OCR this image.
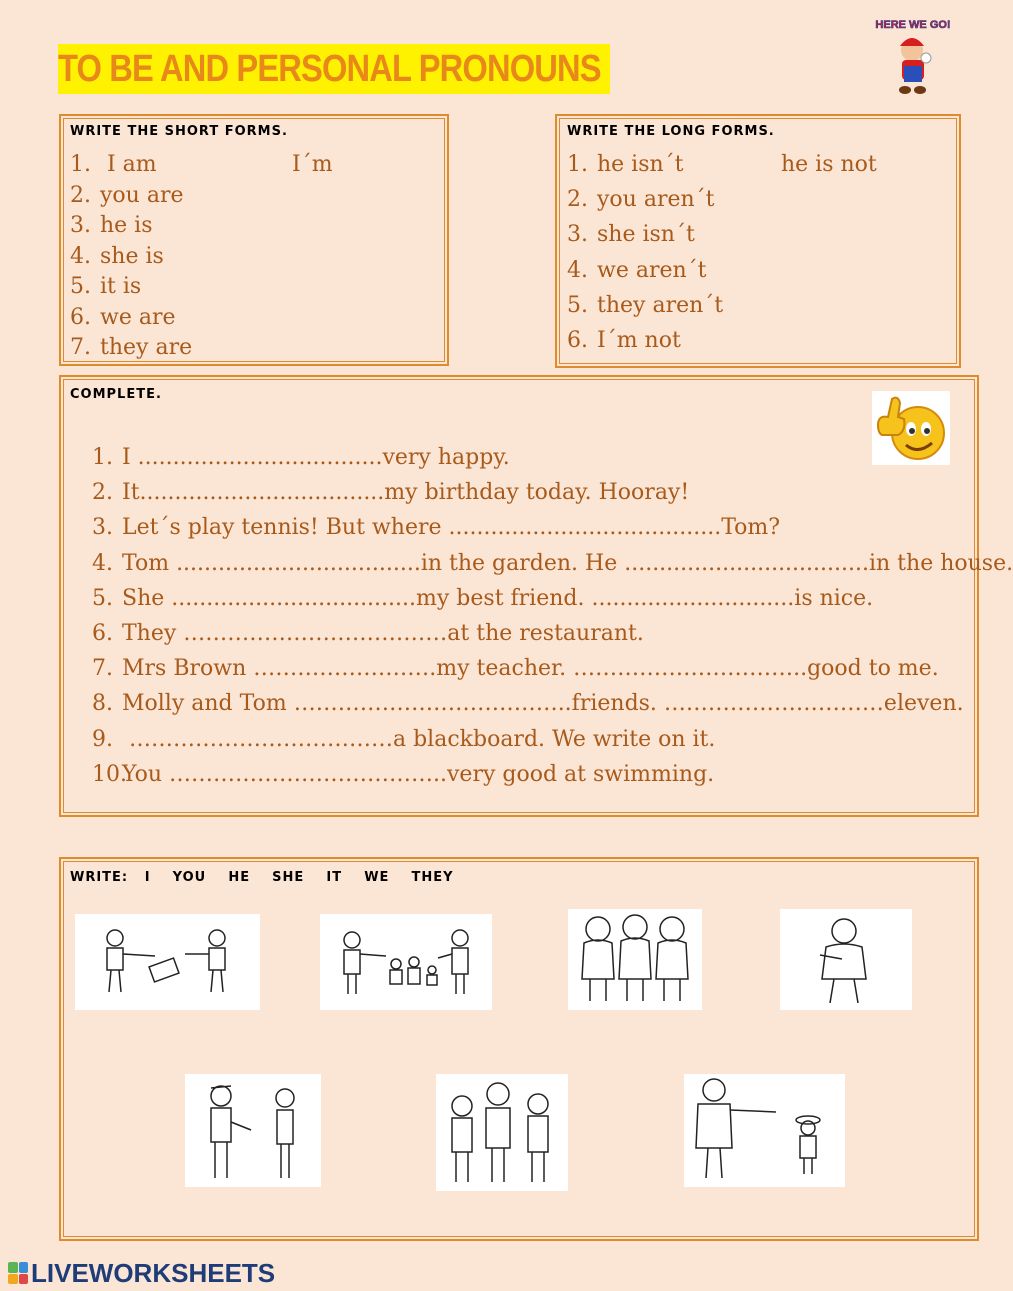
TO BE AND PERSONAL PRONOUNS
HERE WE GO!
WRITE THE SHORT FORMS.
1. I am	I´m
2. you are
3. he is
4. she is
5. it is
6. we are
7. they are
WRITE THE LONG FORMS.
1. he isn´t	he is not
2. you aren´t
3. she isn´t
4. we aren´t
5. they aren´t
6. I´m not
COMPLETE.
1. I ...................................very happy.
2. It...................................my birthday today. Hooray!
3. Let´s play tennis! But where .......................................Tom?
4. Tom ...................................in the garden. He ...................................in the house.
5. She ...................................my best friend. .............................is nice.
6. They ………………………………at the restaurant.
7. Mrs Brown …………………….my teacher. …………………………..good to me.
8. Molly and Tom ………………………………..friends. …………………………eleven.
9. ………………………………a blackboard. We write on it.
10.You ………………………………..very good at swimming.
WRITE:   I    YOU    HE    SHE    IT    WE    THEY
LIVEWORKSHEETS
